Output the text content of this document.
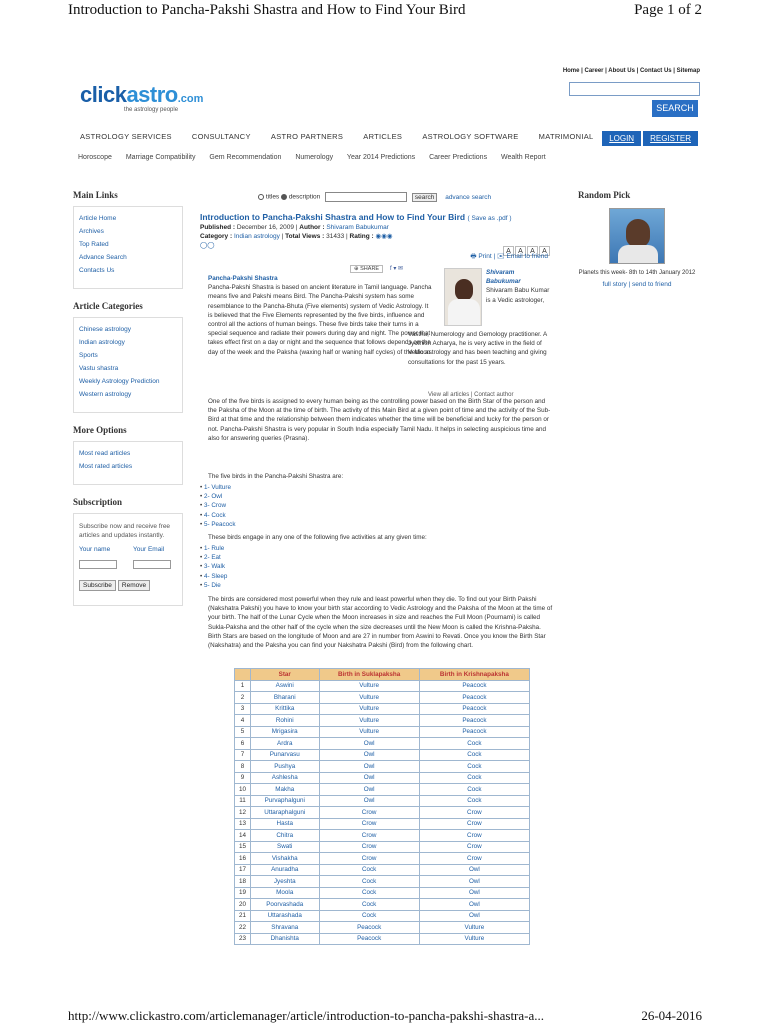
Introduction to Pancha-Pakshi Shastra and How to Find Your Bird	Page 1 of 2
http://www.clickastro.com/articlemanager/article/introduction-to-pancha-pakshi-shastra-a...	26-04-2016
Home | Career | About Us | Contact Us | Sitemap
clickastro.com
the astrology people	SEARCH
ASTROLOGY SERVICES	CONSULTANCY	ASTRO PARTNERS	ARTICLES	ASTROLOGY SOFTWARE	MATRIMONIAL	LOGIN REGISTER
Horoscope Marriage Compatibility Gem Recommendation Numerology Year 2014 Predictions Career Predictions Wealth Report
Main Links
Article Home
Archives
Top Rated
Advance Search
Contacts Us
Article Categories
Chinese astrology
Indian astrology
Sports
Vastu shastra
Weekly Astrology Prediction
Western astrology
More Options
Most read articles
Most rated articles
Subscription

Subscribe now and receive free articles and updates instantly.

Your name	Your Email
Subscribe Remove
titles description	search advance search	Random Pick
Planets this week- 8th to 14th January 2012
full story | send to friend
Introduction to Pancha-Pakshi Shastra and How to Find Your Bird ( Save as .pdf )
Published : December 16, 2009 | Author : Shivaram Babukumar
Category : Indian astrology | Total Views : 31433 | Rating : ◉◉◉
◯◯
A A A A
🖶 Print | ✉ Email to friend
⊕ SHARE	f ▾ ✉
Pancha-Pakshi Shastra
Pancha-Pakshi Shastra is based on ancient literature in Tamil language. Pancha means five and Pakshi means Bird. The Pancha-Pakshi system has some resemblance to the Pancha-Bhuta (Five elements) system of Vedic Astrology. It is believed that the Five Elements represented by the five birds, influence and control all the actions of human beings. These five birds take their turns in a special sequence and radiate their powers during day and night. The power that takes effect first on a day or night and the sequence that follows depends on the day of the week and the Paksha (waxing half or waning half cycles) of the Moon.
Shivaram Babukumar
Shivaram Babu Kumar is a Vedic astrologer,
Vasthu, Numerology and Gemology practitioner. A Jyothish Acharya, he is very active in the field of Vedic astrology and has been teaching and giving consultations for the past 15 years.
View all articles | Contact author
One of the five birds is assigned to every human being as the controlling power based on the Birth Star of the person and the Paksha of the Moon at the time of birth. The activity of this Main Bird at a given point of time and the activity of the Sub-Bird at that time and the relationship between them indicates whether the time will be beneficial and lucky for the person or not. Pancha-Pakshi Shastra is very popular in South India especially Tamil Nadu. It helps in selecting auspicious time and also for answering queries (Prasna).
The five birds in the Pancha-Pakshi Shastra are:
• 1- Vulture
• 2- Owl
• 3- Crow
• 4- Cock
• 5- Peacock
These birds engage in any one of the following five activities at any given time:
• 1- Rule
• 2- Eat
• 3- Walk
• 4- Sleep
• 5- Die
The birds are considered most powerful when they rule and least powerful when they die. To find out your Birth Pakshi (Nakshatra Pakshi) you have to know your birth star according to Vedic Astrology and the Paksha of the Moon at the time of your birth. The half of the Lunar Cycle when the Moon increases in size and reaches the Full Moon (Pournami) is called Sukla-Paksha and the other half of the cycle when the size decreases until the New Moon is called the Krishna-Paksha. Birth Stars are based on the longitude of Moon and are 27 in number from Aswini to Revati. Once you know the Birth Star (Nakshatra) and the Paksha you can find your Nakshatra Pakshi (Bird) from the following chart.
	Star	Birth in Suklapaksha	Birth in Krishnapaksha
1	Aswini	Vulture	Peacock
2	Bharani	Vulture	Peacock
3	Krittika	Vulture	Peacock
4	Rohini	Vulture	Peacock
5	Mrigasira	Vulture	Peacock
6	Ardra	Owl	Cock
7	Punarvasu	Owl	Cock
8	Pushya	Owl	Cock
9	Ashlesha	Owl	Cock
10	Makha	Owl	Cock
11	Purvaphalguni	Owl	Cock
12	Uttaraphalguni	Crow	Crow
13	Hasta	Crow	Crow
14	Chitra	Crow	Crow
15	Swati	Crow	Crow
16	Vishakha	Crow	Crow
17	Anuradha	Cock	Owl
18	Jyeshta	Cock	Owl
19	Moola	Cock	Owl
20	Poorvashada	Cock	Owl
21	Uttarashada	Cock	Owl
22	Shravana	Peacock	Vulture
23	Dhanishta	Peacock	Vulture
